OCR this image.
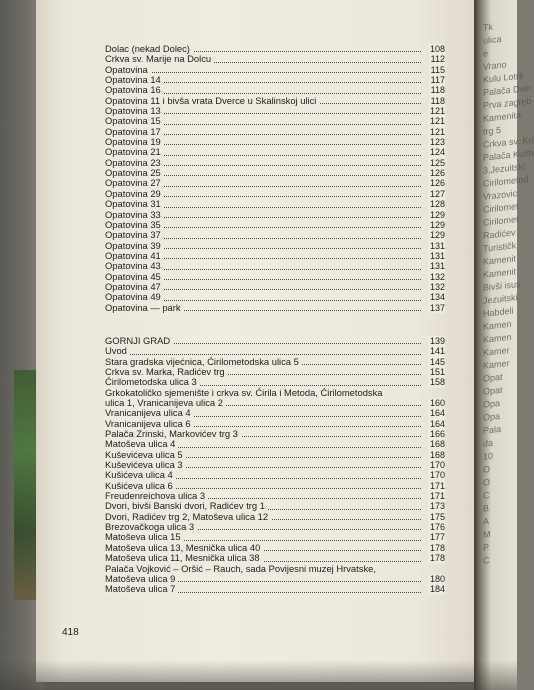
Tk
ulica
e
Vrano
Kulu Lotrš
Palača Dver
Prva zagreb
Kamenita
trg 5
Crkva sv. Ku
Palača Kulm
3,Jezuitski
Cirilometod
Vrazovic
Cirilomet
Cirilomet
Radićev
Turističk
Kamenit
Kamenit
Bivši isus
Jezuitski
Habdeli
Kamen
Kamen
Kamer
Kamer
Opat
Opat
Opa
Opa
Pala
da
10
O
O
C
B
A
M
P
C
Dolac (nekad Dolec)	108
Crkva sv. Marije na Dolcu	112
Opatovina	115
Opatovina 14	117
Opatovina 16	118
Opatovina 11 i bivša vrata Dverce u Skalinskoj ulici	118
Opatovina 13	121
Opatovina 15	121
Opatovina 17	121
Opatovina 19	123
Opatovina 21	124
Opatovina 23	125
Opatovina 25	126
Opatovina 27	126
Opatovina 29	127
Opatovina 31	128
Opatovina 33	129
Opatovina 35	129
Opatovina 37	129
Opatovina 39	131
Opatovina 41	131
Opatovina 43	131
Opatovina 45	132
Opatovina 47	132
Opatovina 49	134
Opatovina — park	137
GORNJI GRAD	139
Uvod	141
Stara gradska vijećnica, Ćirilometodska ulica 5	145
Crkva sv. Marka, Radićev trg	151
Ćirilometodska ulica 3	158
Grkokatoličko sjemenište i crkva sv. Ćirila i Metoda, Ćirilometodska
ulica 1, Vranicanijeva ulica 2	160
Vranicanijeva ulica 4	164
Vranicanijeva ulica 6	164
Palača Zrinski, Markovićev trg 3	166
Matoševa ulica 4	168
Kuševićeva ulica 5	168
Kuševićeva ulica 3	170
Kušićeva ulica 4	170
Kušićeva ulica 6	171
Freudenreichova ulica 3	171
Dvori, bivši Banski dvori, Radićev trg 1	173
Dvori, Radićev trg 2, Matoševa ulica 12	175
Brezovačkoga ulica 3	176
Matoševa ulica 15	177
Matoševa ulica 13, Mesnička ulica 40	178
Matoševa ulica 11, Mesnička ulica 38	178
Palača Vojković – Oršić – Rauch, sada Povijesni muzej Hrvatske,
Matoševa ulica 9	180
Matoševa ulica 7	184
418
